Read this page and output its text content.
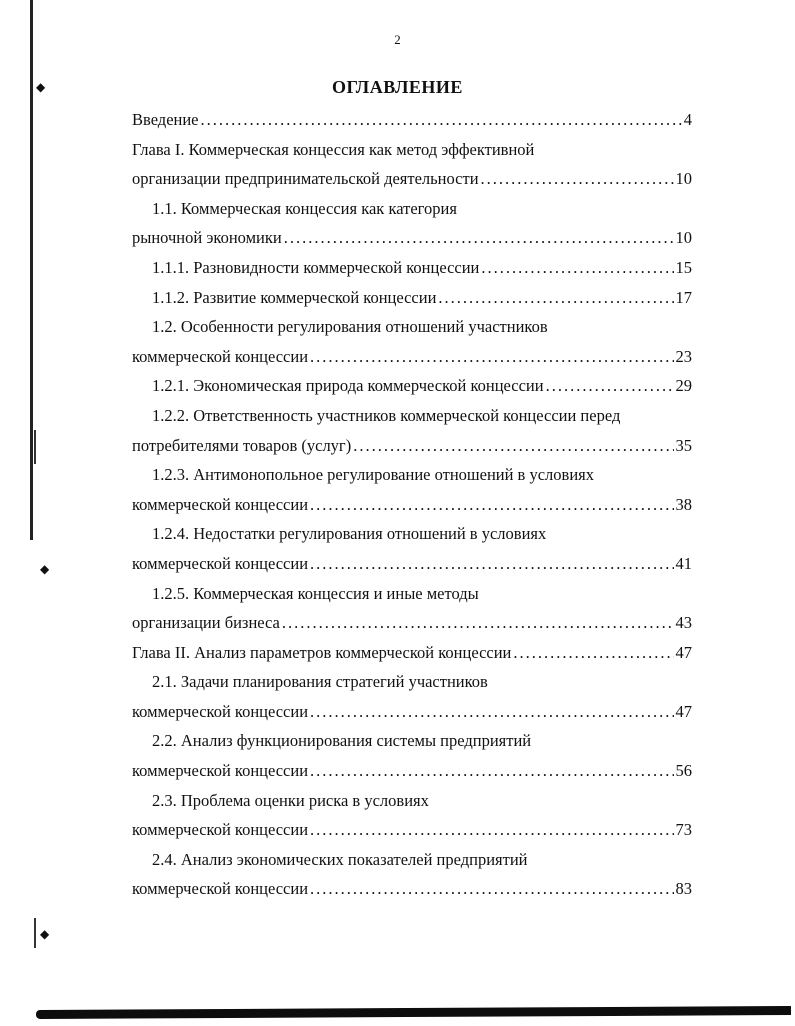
◆
◆
◆
2
ОГЛАВЛЕНИЕ
Введение .....	4
Глава I. Коммерческая концессия как метод эффективной
организации предпринимательской деятельности .....	10
1.1. Коммерческая концессия как категория
рыночной экономики .....	10
1.1.1. Разновидности коммерческой концессии .....	15
1.1.2. Развитие коммерческой концессии .....	17
1.2. Особенности регулирования отношений участников
коммерческой концессии .....	23
1.2.1. Экономическая природа коммерческой концессии .....	29
1.2.2. Ответственность участников коммерческой концессии перед
потребителями товаров (услуг) .....	35
1.2.3. Антимонопольное регулирование отношений в условиях
коммерческой концессии .....	38
1.2.4. Недостатки регулирования отношений в условиях
коммерческой концессии .....	41
1.2.5. Коммерческая концессия и иные методы
организации бизнеса .....	43
Глава II. Анализ параметров коммерческой концессии .....	47
2.1. Задачи планирования стратегий участников
коммерческой концессии .....	47
2.2. Анализ функционирования системы предприятий
коммерческой концессии .....	56
2.3. Проблема оценки риска в условиях
коммерческой концессии .....	73
2.4. Анализ экономических показателей предприятий
коммерческой концессии .....	83
